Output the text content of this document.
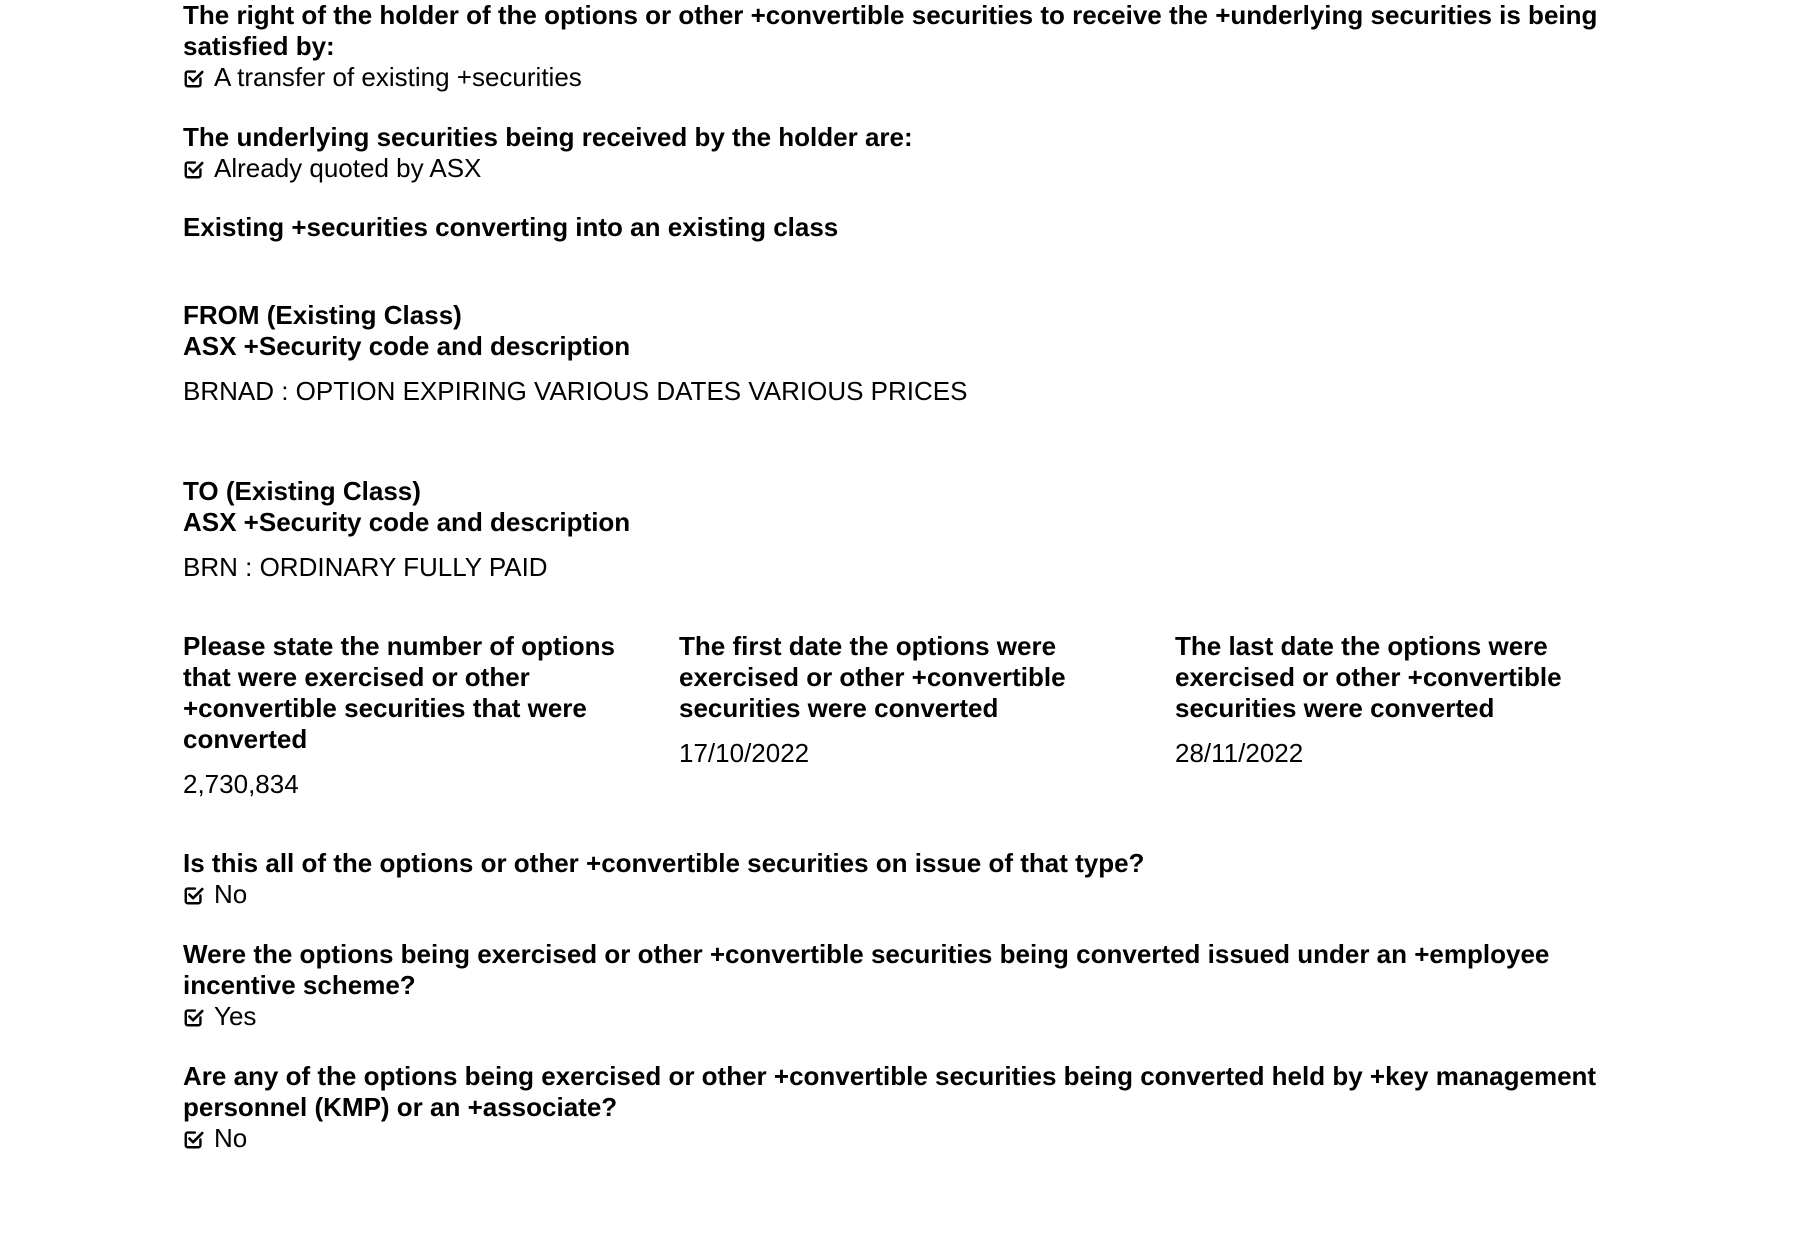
The right of the holder of the options or other +convertible securities to receive the +underlying securities is being satisfied by:
A transfer of existing +securities
The underlying securities being received by the holder are:
Already quoted by ASX
Existing +securities converting into an existing class
FROM (Existing Class)
ASX +Security code and description
BRNAD : OPTION EXPIRING VARIOUS DATES VARIOUS PRICES
TO (Existing Class)
ASX +Security code and description
BRN : ORDINARY FULLY PAID
Please state the number of options that were exercised or other +convertible securities that were converted
2,730,834
The first date the options were exercised or other +convertible securities were converted
17/10/2022
The last date the options were exercised or other +convertible securities were converted
28/11/2022
Is this all of the options or other +convertible securities on issue of that type?
No
Were the options being exercised or other +convertible securities being converted issued under an +employee incentive scheme?
Yes
Are any of the options being exercised or other +convertible securities being converted held by +key management personnel (KMP) or an +associate?
No
